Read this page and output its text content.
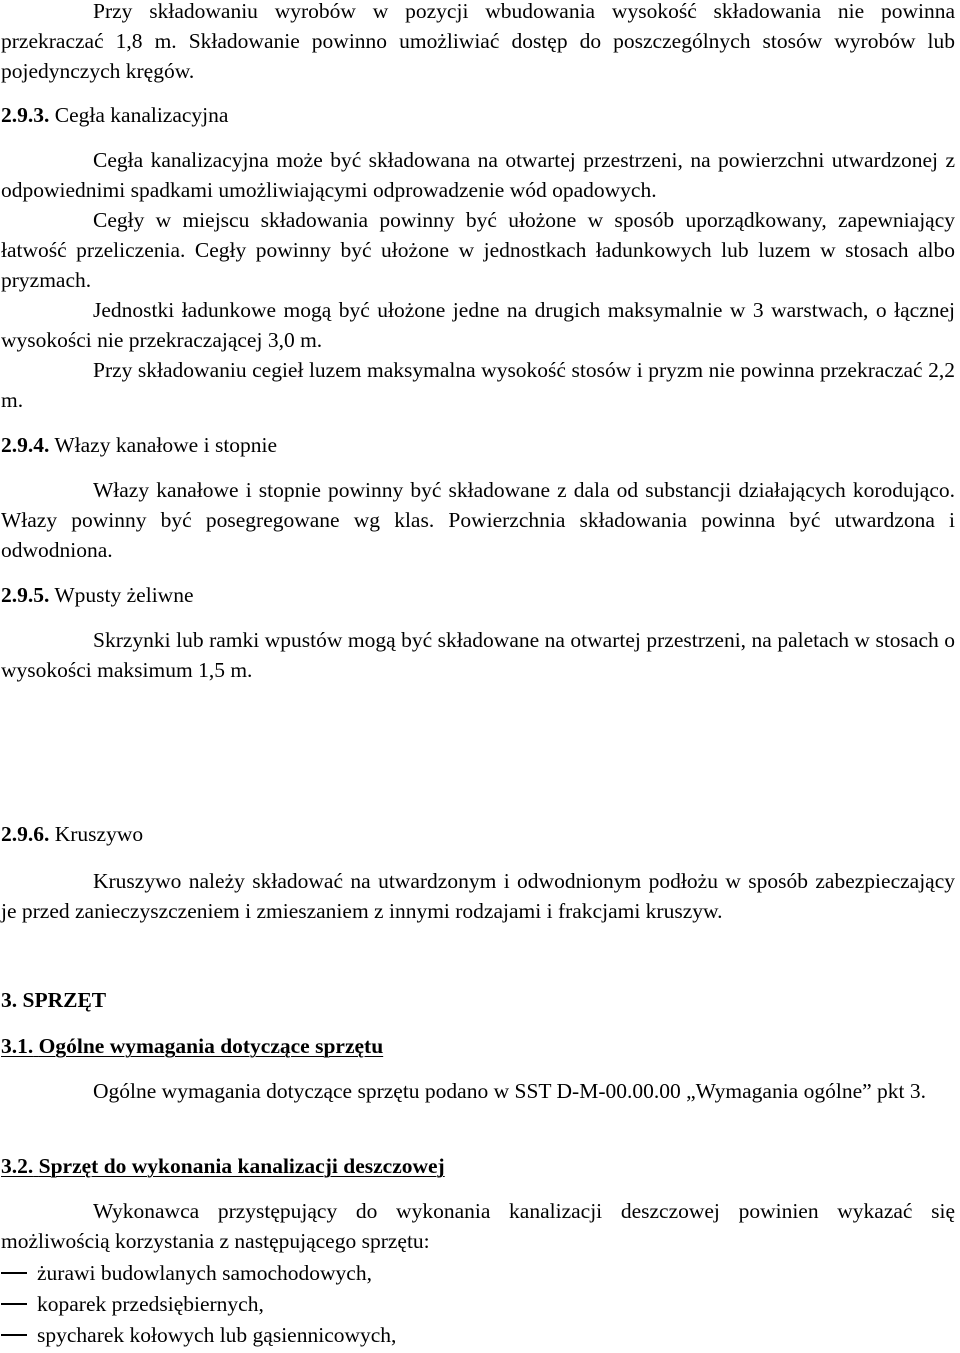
Przy składowaniu wyrobów w pozycji wbudowania wysokość składowania nie powinna przekraczać 1,8 m. Składowanie powinno umożliwiać dostęp do poszczególnych stosów wyrobów lub pojedynczych kręgów.

2.9.3. Cegła kanalizacyjna

Cegła kanalizacyjna może być składowana na otwartej przestrzeni, na powierzchni utwardzonej z odpowiednimi spadkami umożliwiającymi odprowadzenie wód opadowych.

Cegły w miejscu składowania powinny być ułożone w sposób uporządkowany, zapewniający łatwość przeliczenia. Cegły powinny być ułożone w jednostkach ładunkowych lub luzem w stosach albo pryzmach.

Jednostki ładunkowe mogą być ułożone jedne na drugich maksymalnie w 3 warstwach, o łącznej wysokości nie przekraczającej 3,0 m.

Przy składowaniu cegieł luzem maksymalna wysokość stosów i pryzm nie powinna przekraczać 2,2 m.

2.9.4. Włazy kanałowe i stopnie

Włazy kanałowe i stopnie powinny być składowane z dala od substancji działających korodująco. Włazy powinny być posegregowane wg klas. Powierzchnia składowania powinna być utwardzona i odwodniona.

2.9.5. Wpusty żeliwne

Skrzynki lub ramki wpustów mogą być składowane na otwartej przestrzeni, na paletach w stosach o wysokości maksimum 1,5 m.

2.9.6. Kruszywo

Kruszywo należy składować na utwardzonym i odwodnionym podłożu w sposób zabezpieczający je przed zanieczyszczeniem i zmieszaniem z innymi rodzajami i frakcjami kruszyw.

3. SPRZĘT
3.1. Ogólne wymagania dotyczące sprzętu

Ogólne wymagania dotyczące sprzętu podano w SST D-M-00.00.00 „Wymagania ogólne” pkt 3.

3.2. Sprzęt do wykonania kanalizacji deszczowej

Wykonawca przystępujący do wykonania kanalizacji deszczowej powinien wykazać się możliwością korzystania z następującego sprzętu:

żurawi budowlanych samochodowych,
koparek przedsiębiernych,
spycharek kołowych lub gąsiennicowych,
